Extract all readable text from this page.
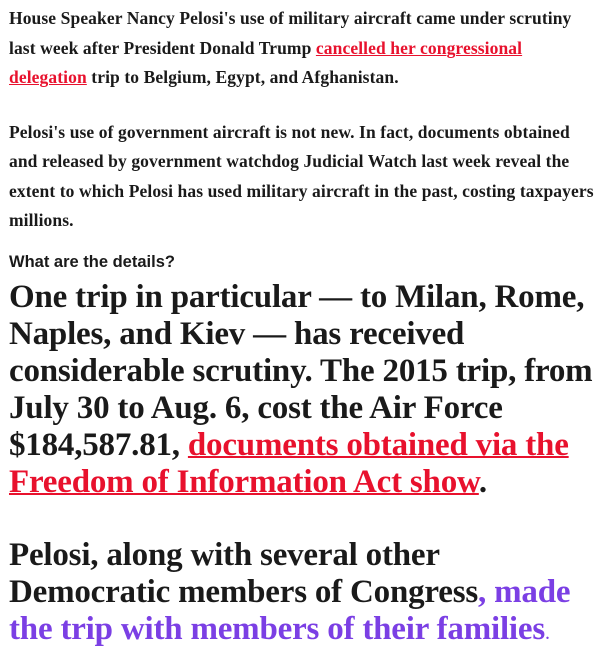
House Speaker Nancy Pelosi's use of military aircraft came under scrutiny last week after President Donald Trump cancelled her congressional delegation trip to Belgium, Egypt, and Afghanistan.

Pelosi's use of government aircraft is not new. In fact, documents obtained and released by government watchdog Judicial Watch last week reveal the extent to which Pelosi has used military aircraft in the past, costing taxpayers millions.

What are the details?

One trip in particular — to Milan, Rome, Naples, and Kiev — has received considerable scrutiny. The 2015 trip, from July 30 to Aug. 6, cost the Air Force $184,587.81, documents obtained via the Freedom of Information Act show.

Pelosi, along with several other Democratic members of Congress, made the trip with members of their families.
